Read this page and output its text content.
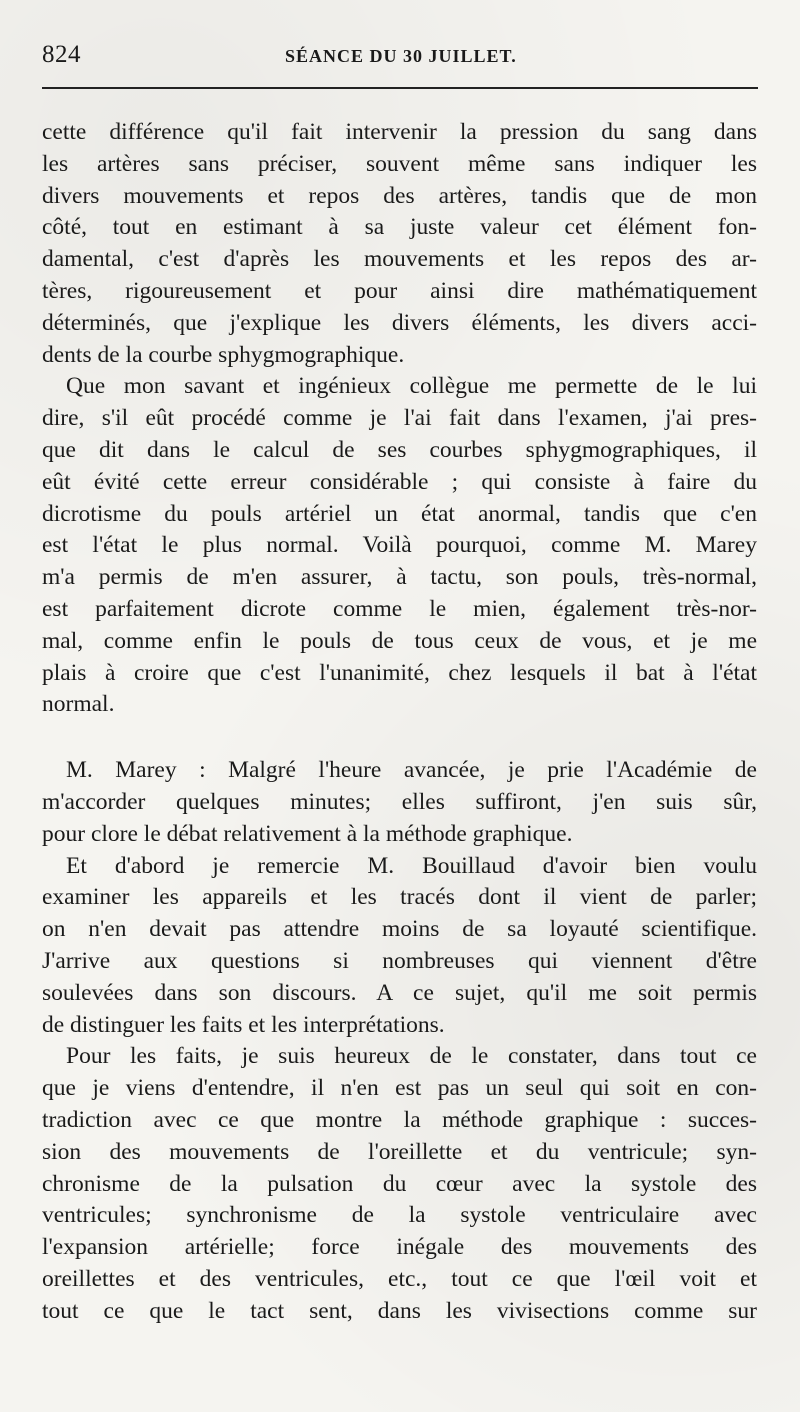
824	SÉANCE DU 30 JUILLET.
cette différence qu'il fait intervenir la pression du sang dans
les artères sans préciser, souvent même sans indiquer les
divers mouvements et repos des artères, tandis que de mon
côté, tout en estimant à sa juste valeur cet élément fon-
damental, c'est d'après les mouvements et les repos des ar-
tères, rigoureusement et pour ainsi dire mathématiquement
déterminés, que j'explique les divers éléments, les divers acci-
dents de la courbe sphygmographique.
Que mon savant et ingénieux collègue me permette de le lui
dire, s'il eût procédé comme je l'ai fait dans l'examen, j'ai pres-
que dit dans le calcul de ses courbes sphygmographiques, il
eût évité cette erreur considérable ; qui consiste à faire du
dicrotisme du pouls artériel un état anormal, tandis que c'en
est l'état le plus normal. Voilà pourquoi, comme M. Marey
m'a permis de m'en assurer, à tactu, son pouls, très-normal,
est parfaitement dicrote comme le mien, également très-nor-
mal, comme enfin le pouls de tous ceux de vous, et je me
plais à croire que c'est l'unanimité, chez lesquels il bat à l'état
normal.
M. Marey : Malgré l'heure avancée, je prie l'Académie de
m'accorder quelques minutes; elles suffiront, j'en suis sûr,
pour clore le débat relativement à la méthode graphique.
Et d'abord je remercie M. Bouillaud d'avoir bien voulu
examiner les appareils et les tracés dont il vient de parler;
on n'en devait pas attendre moins de sa loyauté scientifique.
J'arrive aux questions si nombreuses qui viennent d'être
soulevées dans son discours. A ce sujet, qu'il me soit permis
de distinguer les faits et les interprétations.
Pour les faits, je suis heureux de le constater, dans tout ce
que je viens d'entendre, il n'en est pas un seul qui soit en con-
tradiction avec ce que montre la méthode graphique : succes-
sion des mouvements de l'oreillette et du ventricule; syn-
chronisme de la pulsation du cœur avec la systole des
ventricules; synchronisme de la systole ventriculaire avec
l'expansion artérielle; force inégale des mouvements des
oreillettes et des ventricules, etc., tout ce que l'œil voit et
tout ce que le tact sent, dans les vivisections comme sur
